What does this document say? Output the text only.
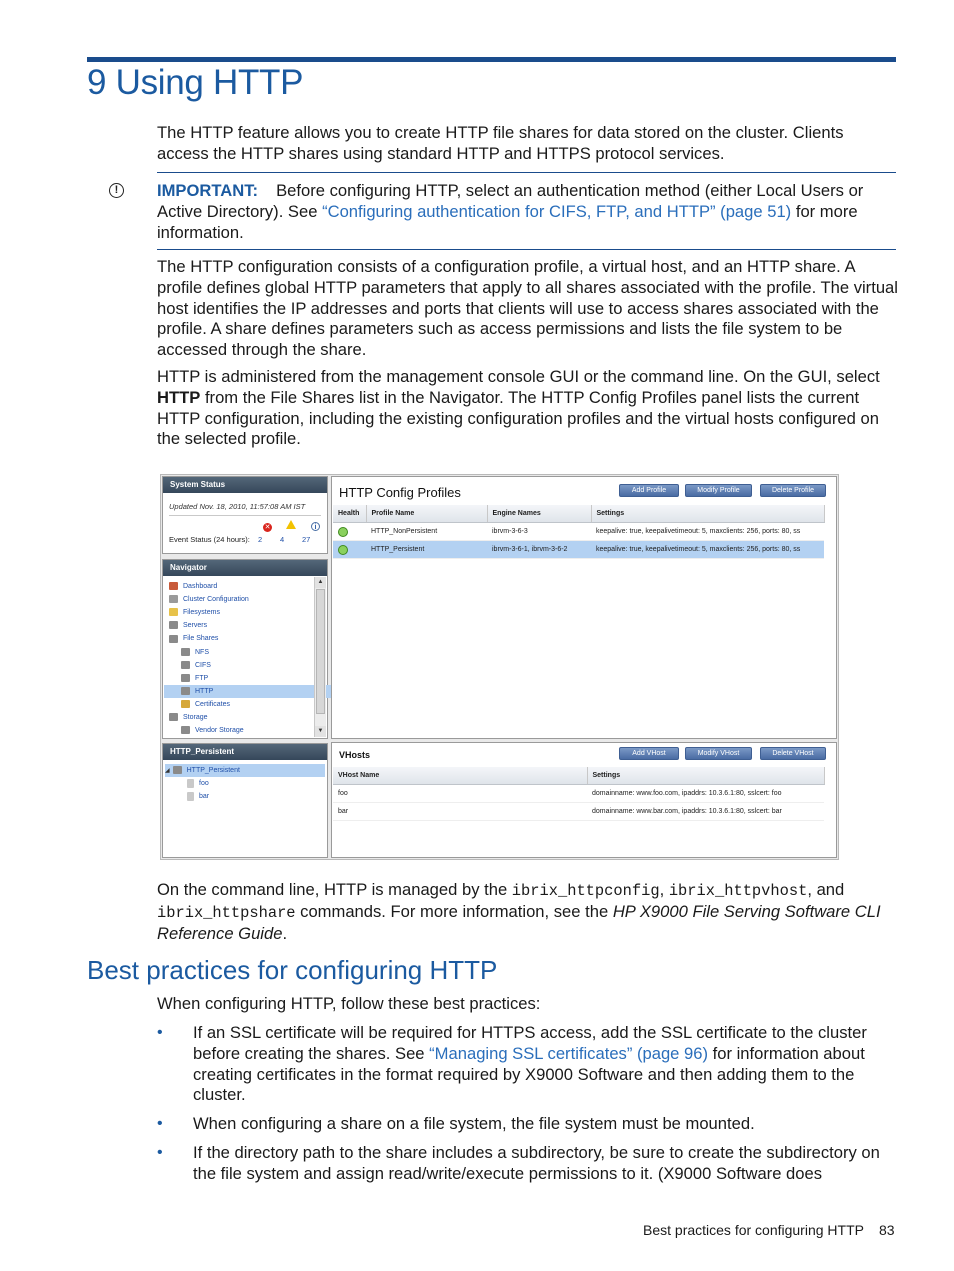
9 Using HTTP

The HTTP feature allows you to create HTTP file shares for data stored on the cluster. Clients access the HTTP shares using standard HTTP and HTTPS protocol services.

!	IMPORTANT: Before configuring HTTP, select an authentication method (either Local Users or Active Directory). See “Configuring authentication for CIFS, FTP, and HTTP” (page 51) for more information.

The HTTP configuration consists of a configuration profile, a virtual host, and an HTTP share. A profile defines global HTTP parameters that apply to all shares associated with the profile. The virtual host identifies the IP addresses and ports that clients will use to access shares associated with the profile. A share defines parameters such as access permissions and lists the file system to be accessed through the share.

HTTP is administered from the management console GUI or the command line. On the GUI, select HTTP from the File Shares list in the Navigator. The HTTP Config Profiles panel lists the current HTTP configuration, including the existing configuration profiles and the virtual hosts configured on the selected profile.

System Status
Updated Nov. 18, 2010, 11:57:08 AM IST
✕	i
Event Status (24 hours): 2 4 27
Navigator
Dashboard
Cluster Configuration
Filesystems
Servers
File Shares
NFS
CIFS
FTP
HTTP
Certificates
Storage
Vendor Storage
▲
▼
HTTP_Persistent
◢ HTTP_Persistent
foo
bar
HTTP Config Profiles	Add Profile	Modify Profile	Delete Profile
Health	Profile Name	Engine Names	Settings
	HTTP_NonPersistent	ibrvm-3-6-3	keepalive: true, keepalivetimeout: 5, maxclients: 256, ports: 80, ss
	HTTP_Persistent	ibrvm-3-6-1, ibrvm-3-6-2	keepalive: true, keepalivetimeout: 5, maxclients: 256, ports: 80, ss
VHosts	Add VHost	Modify VHost	Delete VHost
VHost Name	Settings
foo	domainname: www.foo.com, ipaddrs: 10.3.6.1:80, sslcert: foo
bar	domainname: www.bar.com, ipaddrs: 10.3.6.1:80, sslcert: bar

On the command line, HTTP is managed by the ibrix_httpconfig, ibrix_httpvhost, and ibrix_httpshare commands. For more information, see the HP X9000 File Serving Software CLI Reference Guide.

Best practices for configuring HTTP

When configuring HTTP, follow these best practices:

• If an SSL certificate will be required for HTTPS access, add the SSL certificate to the cluster before creating the shares. See “Managing SSL certificates” (page 96) for information about creating certificates in the format required by X9000 Software and then adding them to the cluster.
• When configuring a share on a file system, the file system must be mounted.
• If the directory path to the share includes a subdirectory, be sure to create the subdirectory on the file system and assign read/write/execute permissions to it. (X9000 Software does
Best practices for configuring HTTP 83
